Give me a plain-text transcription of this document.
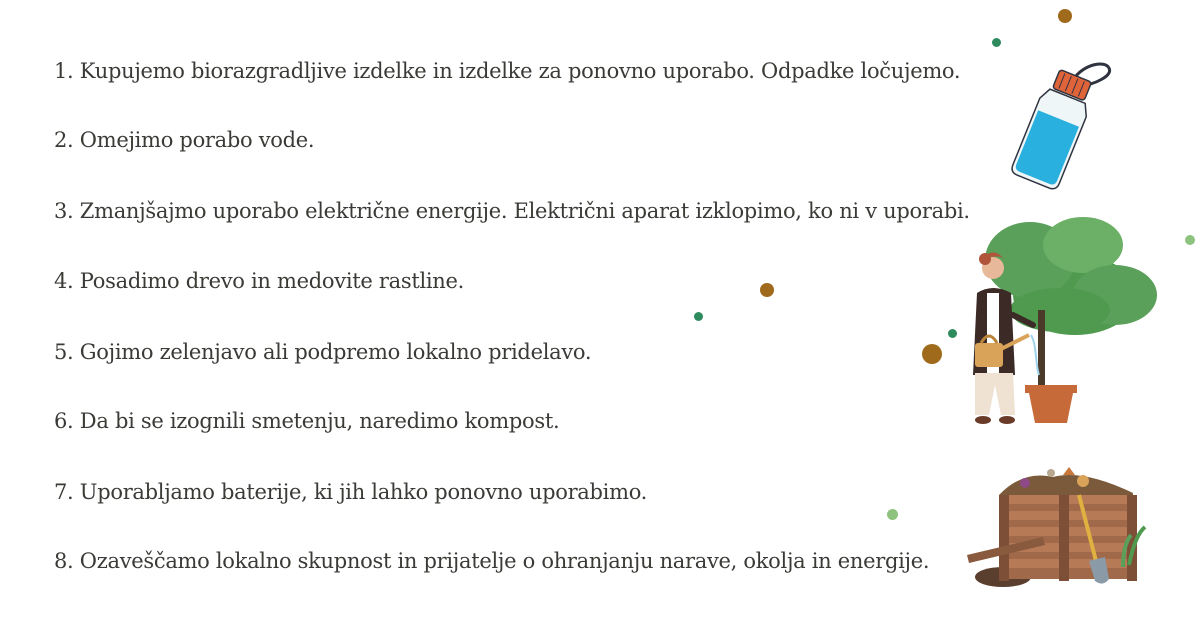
1. Kupujemo biorazgradljive izdelke in izdelke za ponovno uporabo. Odpadke ločujemo.
2. Omejimo porabo vode.
3. Zmanjšajmo uporabo električne energije. Električni aparat izklopimo, ko ni v uporabi.
4. Posadimo drevo in medovite rastline.
5. Gojimo zelenjavo ali podpremo lokalno pridelavo.
6. Da bi se izognili smetenju, naredimo kompost.
7. Uporabljamo baterije, ki jih lahko ponovno uporabimo.
8. Ozaveščamo lokalno skupnost in prijatelje o ohranjanju narave, okolja in energije.
